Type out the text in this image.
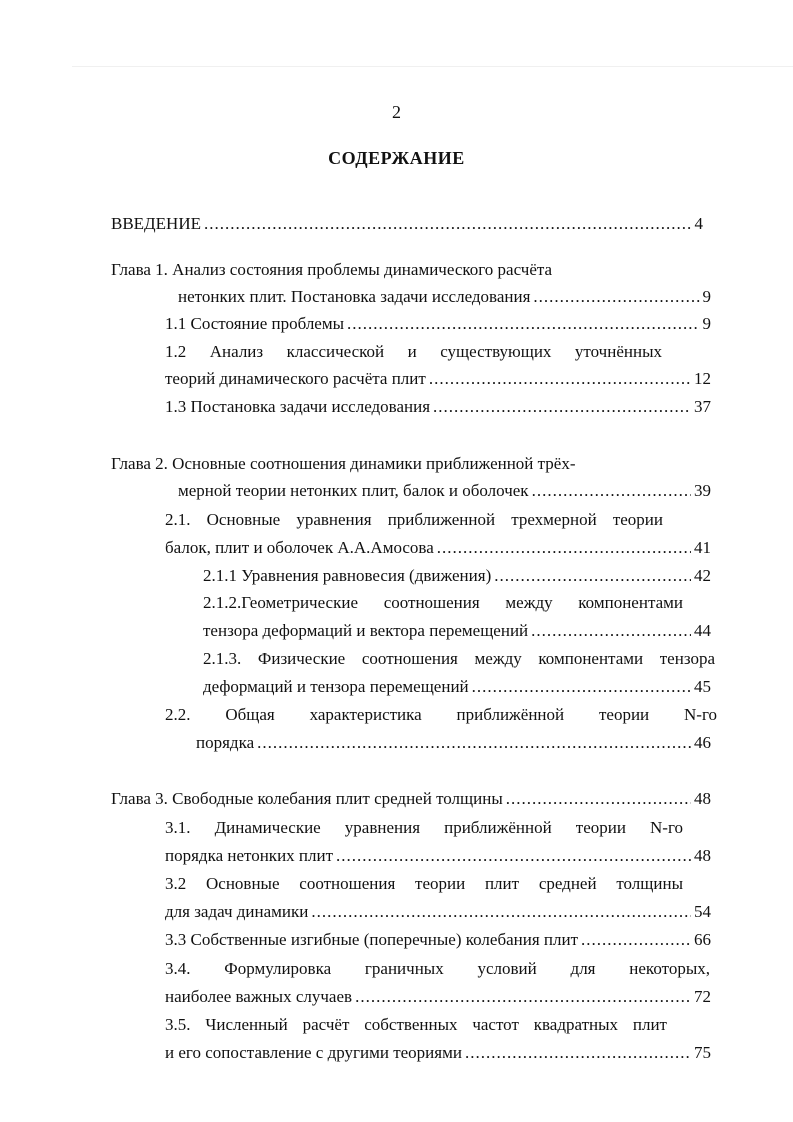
2
СОДЕРЖАНИЕ
ВВЕДЕНИЕ .....	4
Глава 1. Анализ состояния проблемы динамического расчёта
нетонких плит. Постановка задачи исследования .....	9
1.1 Состояние проблемы .....	9
1.2 Анализ классической и существующих уточнённых
теорий динамического расчёта плит .....	12
1.3 Постановка задачи исследования .....	37
Глава 2. Основные соотношения динамики приближенной трёх-
мерной теории нетонких плит, балок и оболочек .....	39
2.1. Основные уравнения приближенной трехмерной теории
балок, плит и оболочек А.А.Амосова .....	41
2.1.1 Уравнения равновесия (движения) .....	42
2.1.2.Геометрические соотношения между компонентами
тензора деформаций и вектора перемещений .....	44
2.1.3. Физические соотношения между компонентами тензора
деформаций и тензора перемещений .....	45
2.2. Общая характеристика приближённой теории N-го
порядка .....	46
Глава 3. Свободные колебания плит средней толщины .....	48
3.1. Динамические уравнения приближённой теории N-го
порядка нетонких плит .....	48
3.2 Основные соотношения теории плит средней толщины
для задач динамики .....	54
3.3 Собственные изгибные (поперечные) колебания плит .....	66
3.4. Формулировка граничных условий для некоторых,
наиболее важных случаев .....	72
3.5. Численный расчёт собственных частот квадратных плит
и его сопоставление с другими теориями .....	75
